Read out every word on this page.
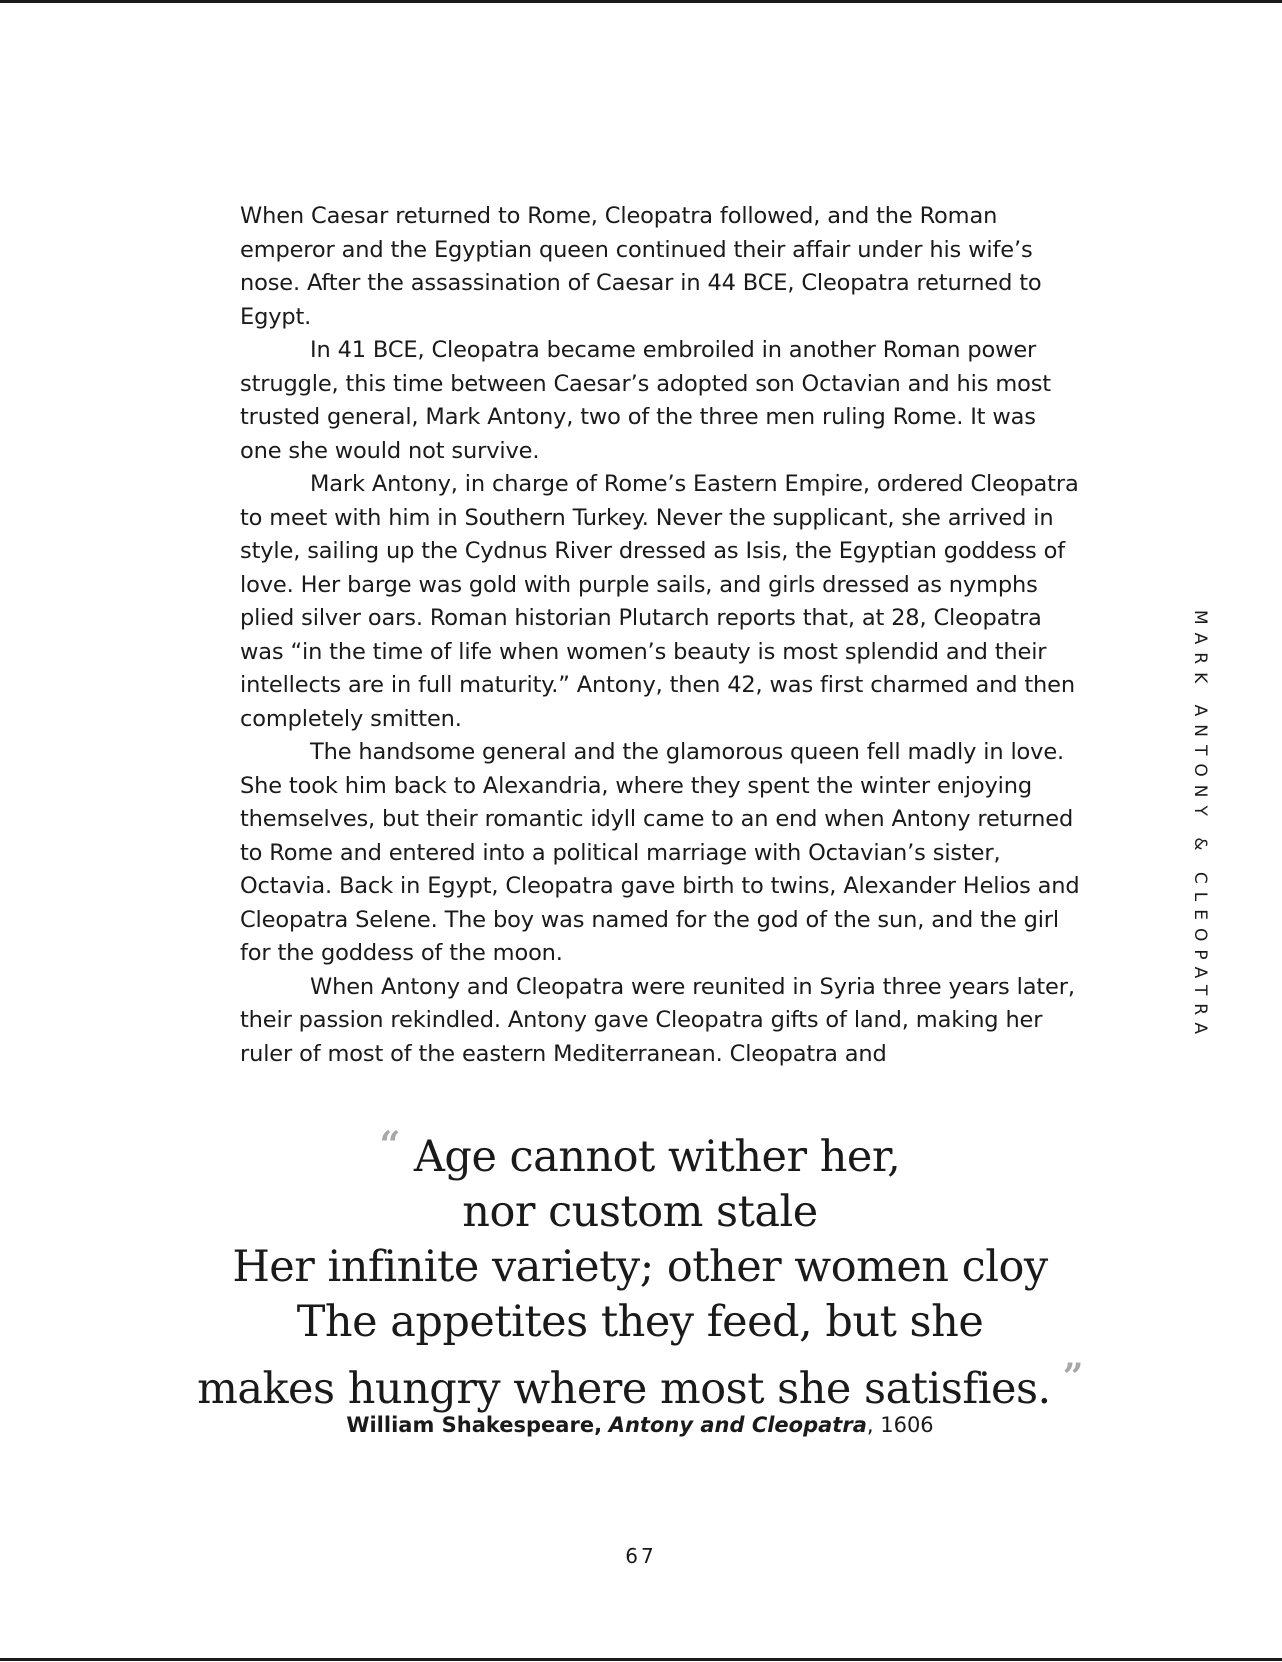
When Caesar returned to Rome, Cleopatra followed, and the Roman emperor and the Egyptian queen continued their affair under his wife’s nose. After the assassination of Caesar in 44 BCE, Cleopatra returned to Egypt.

In 41 BCE, Cleopatra became embroiled in another Roman power struggle, this time between Caesar’s adopted son Octavian and his most trusted general, Mark Antony, two of the three men ruling Rome. It was one she would not survive.

Mark Antony, in charge of Rome’s Eastern Empire, ordered Cleopatra to meet with him in Southern Turkey. Never the supplicant, she arrived in style, sailing up the Cydnus River dressed as Isis, the Egyptian goddess of love. Her barge was gold with purple sails, and girls dressed as nymphs plied silver oars. Roman historian Plutarch reports that, at 28, Cleopatra was “in the time of life when women’s beauty is most splendid and their intellects are in full maturity.” Antony, then 42, was first charmed and then completely smitten.

The handsome general and the glamorous queen fell madly in love. She took him back to Alexandria, where they spent the winter enjoying themselves, but their romantic idyll came to an end when Antony returned to Rome and entered into a political marriage with Octavian’s sister, Octavia. Back in Egypt, Cleopatra gave birth to twins, Alexander Helios and Cleopatra Selene. The boy was named for the god of the sun, and the girl for the goddess of the moon.

When Antony and Cleopatra were reunited in Syria three years later, their passion rekindled. Antony gave Cleopatra gifts of land, making her ruler of most of the eastern Mediterranean. Cleopatra and

“ Age cannot wither her,
nor custom stale
Her infinite variety; other women cloy
The appetites they feed, but she
makes hungry where most she satisfies. ”
William Shakespeare, Antony and Cleopatra, 1606
MARK ANTONY & CLEOPATRA
67
